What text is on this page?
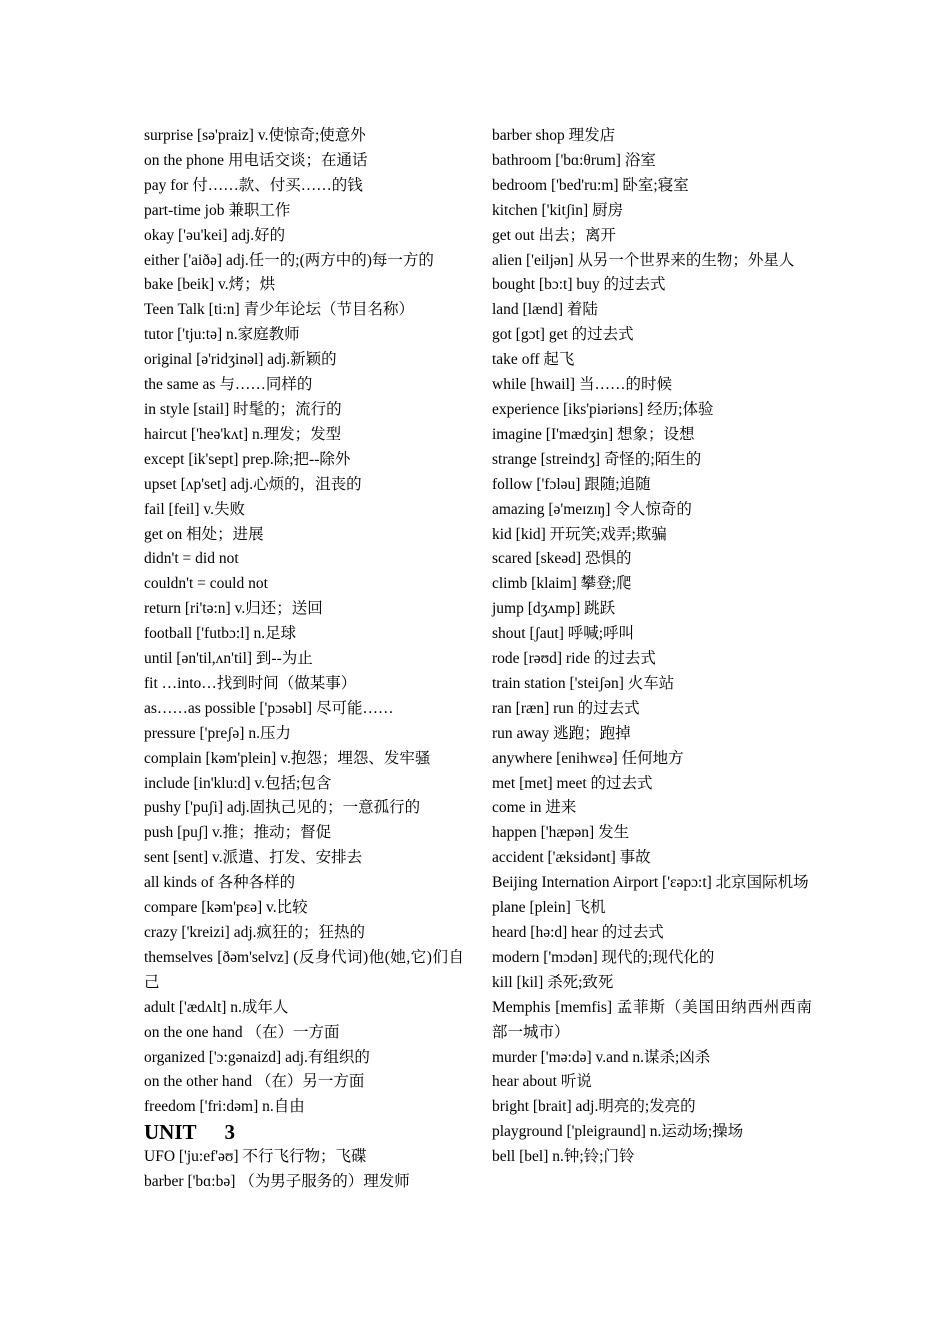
surprise [sə'praiz] v.使惊奇;使意外
on the phone 用电话交谈；在通话
pay for 付……款、付买……的钱
part-time job 兼职工作
okay ['əu'kei] adj.好的
either ['aiðə] adj.任一的;(两方中的)每一方的
bake [beik] v.烤；烘
Teen Talk [ti:n] 青少年论坛（节目名称）
tutor ['tju:tə] n.家庭教师
original [ə'ridʒinəl] adj.新颖的
the same as 与……同样的
in style [stail] 时髦的；流行的
haircut ['heə'kʌt] n.理发；发型
except [ik'sept] prep.除;把--除外
upset [ʌp'set] adj.心烦的，沮丧的
fail [feil] v.失败
get on 相处；进展
didn't = did not
couldn't = could not
return [ri'tə:n] v.归还；送回
football ['futbɔ:l] n.足球
until [ən'til,ʌn'til] 到--为止
fit …into…找到时间（做某事）
as……as possible ['pɔsəbl] 尽可能……
pressure ['preʃə] n.压力
complain [kəm'plein] v.抱怨；埋怨、发牢骚
include [in'klu:d] v.包括;包含
pushy ['puʃi] adj.固执己见的；一意孤行的
push [puʃ] v.推；推动；督促
sent [sent] v.派遣、打发、安排去
all kinds of 各种各样的
compare [kəm'pɛə] v.比较
crazy ['kreizi] adj.疯狂的；狂热的
themselves [ðəm'selvz] (反身代词)他(她,它)们自己
adult ['ædʌlt] n.成年人
on the one hand （在）一方面
organized ['ɔ:gənaizd] adj.有组织的
on the other hand （在）另一方面
freedom ['fri:dəm] n.自由
UNIT 3
UFO ['ju:ef'əʊ] 不行飞行物；飞碟
barber ['bɑ:bə] （为男子服务的）理发师
barber shop 理发店
bathroom ['bɑ:θrum] 浴室
bedroom ['bed'ru:m] 卧室;寝室
kitchen ['kitʃin] 厨房
get out 出去；离开
alien ['eiljən] 从另一个世界来的生物；外星人
bought [bɔ:t] buy 的过去式
land [lænd] 着陆
got [gɔt] get 的过去式
take off 起飞
while [hwail] 当……的时候
experience [iks'piəriəns] 经历;体验
imagine [I'mædʒin] 想象；设想
strange [streindʒ] 奇怪的;陌生的
follow ['fɔləu] 跟随;追随
amazing [ə'meɪzɪŋ] 令人惊奇的
kid [kid] 开玩笑;戏弄;欺骗
scared [skeəd] 恐惧的
climb [klaim] 攀登;爬
jump [dʒʌmp] 跳跃
shout [ʃaut] 呼喊;呼叫
rode [rəʊd] ride 的过去式
train station ['steiʃən] 火车站
ran [ræn] run 的过去式
run away 逃跑；跑掉
anywhere [enihwɛə] 任何地方
met [met] meet 的过去式
come in 进来
happen ['hæpən] 发生
accident ['æksidənt] 事故
Beijing Internation Airport ['ɛəpɔ:t] 北京国际机场
plane [plein] 飞机
heard [hə:d] hear 的过去式
modern ['mɔdən] 现代的;现代化的
kill [kil] 杀死;致死
Memphis [memfis] 孟菲斯（美国田纳西州西南部一城市）
murder ['mə:də] v.and n.谋杀;凶杀
hear about 听说
bright [brait] adj.明亮的;发亮的
playground ['pleigraund] n.运动场;操场
bell [bel] n.钟;铃;门铃
